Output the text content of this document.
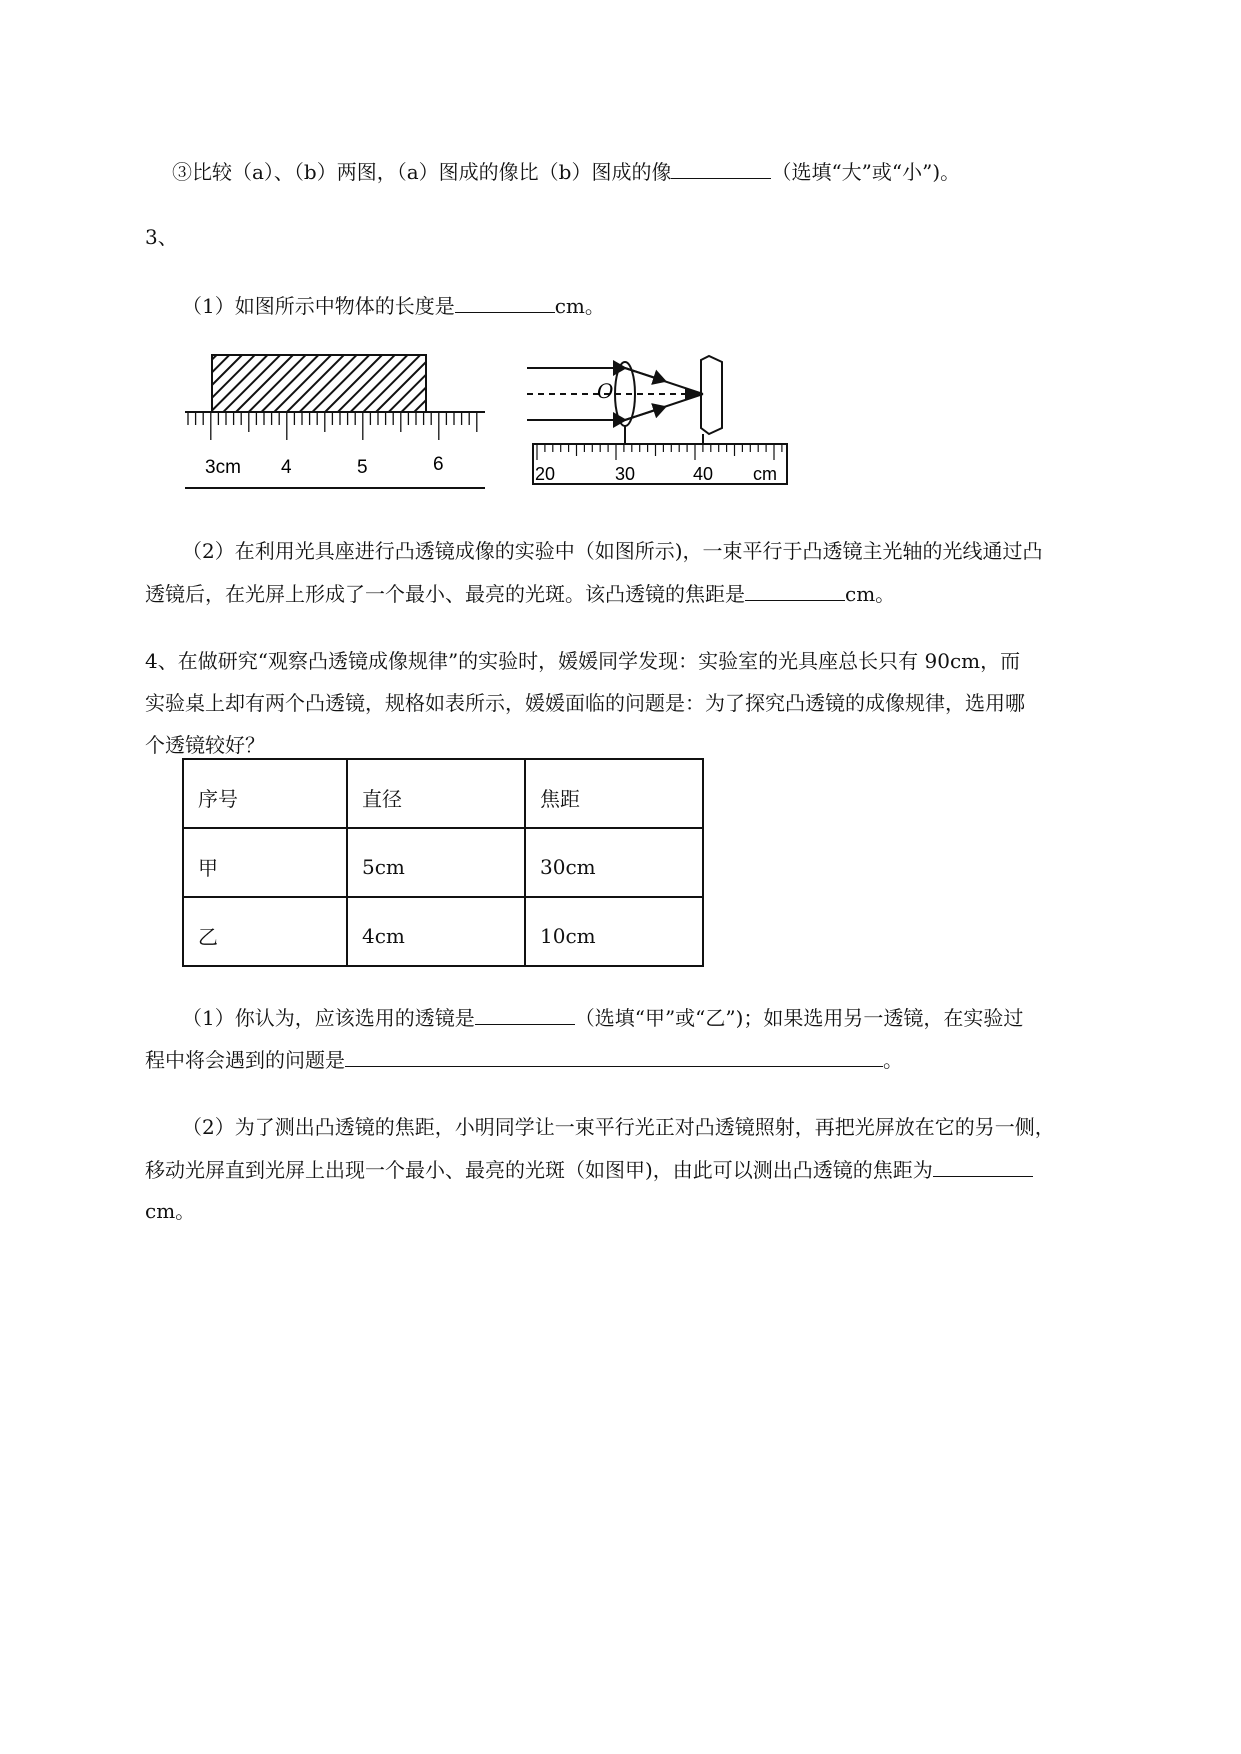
③比较（a）、（b）两图，（a）图成的像比（b）图成的像	（选填“大”或“小”)。
3、
（1）如图所示中物体的长度是	cm。
3cm 4	5	6
O
20	30	40 cm
（2）在利用光具座进行凸透镜成像的实验中（如图所示)，一束平行于凸透镜主光轴的光线通过凸
透镜后，在光屏上形成了一个最小、最亮的光斑。该凸透镜的焦距是	cm。
4、在做研究“观察凸透镜成像规律”的实验时，媛媛同学发现：实验室的光具座总长只有 90cm，而
实验桌上却有两个凸透镜，规格如表所示，媛媛面临的问题是：为了探究凸透镜的成像规律，选用哪
个透镜较好？
序号	直径	焦距
甲	5cm	30cm
乙	4cm	10cm
（1）你认为，应该选用的透镜是	（选填“甲”或“乙”)；如果选用另一透镜，在实验过
程中将会遇到的问题是	。
（2）为了测出凸透镜的焦距，小明同学让一束平行光正对凸透镜照射，再把光屏放在它的另一侧，
移动光屏直到光屏上出现一个最小、最亮的光斑（如图甲)，由此可以测出凸透镜的焦距为
cm。
